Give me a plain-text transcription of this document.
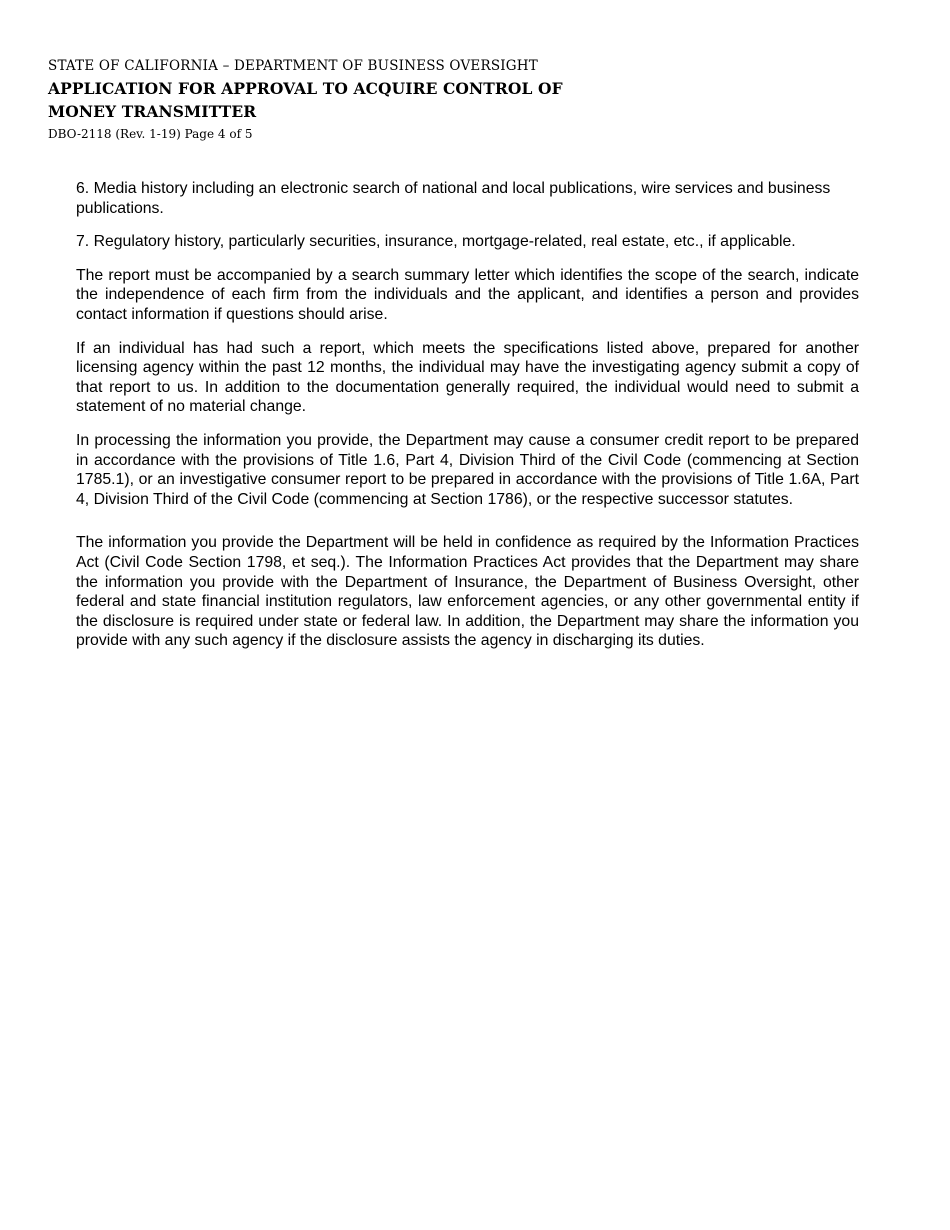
STATE OF CALIFORNIA – DEPARTMENT OF BUSINESS OVERSIGHT
APPLICATION FOR APPROVAL TO ACQUIRE CONTROL OF
MONEY TRANSMITTER
DBO-2118 (Rev. 1-19) Page 4 of 5

6. Media history including an electronic search of national and local publications, wire services and business publications.

7. Regulatory history, particularly securities, insurance, mortgage-related, real estate, etc., if applicable.

The report must be accompanied by a search summary letter which identifies the scope of the search, indicate the independence of each firm from the individuals and the applicant, and identifies a person and provides contact information if questions should arise.

If an individual has had such a report, which meets the specifications listed above, prepared for another licensing agency within the past 12 months, the individual may have the investigating agency submit a copy of that report to us. In addition to the documentation generally required, the individual would need to submit a statement of no material change.

In processing the information you provide, the Department may cause a consumer credit report to be prepared in accordance with the provisions of Title 1.6, Part 4, Division Third of the Civil Code (commencing at Section 1785.1), or an investigative consumer report to be prepared in accordance with the provisions of Title 1.6A, Part 4, Division Third of the Civil Code (commencing at Section 1786), or the respective successor statutes.

The information you provide the Department will be held in confidence as required by the Information Practices Act (Civil Code Section 1798, et seq.). The Information Practices Act provides that the Department may share the information you provide with the Department of Insurance, the Department of Business Oversight, other federal and state financial institution regulators, law enforcement agencies, or any other governmental entity if the disclosure is required under state or federal law. In addition, the Department may share the information you provide with any such agency if the disclosure assists the agency in discharging its duties.
